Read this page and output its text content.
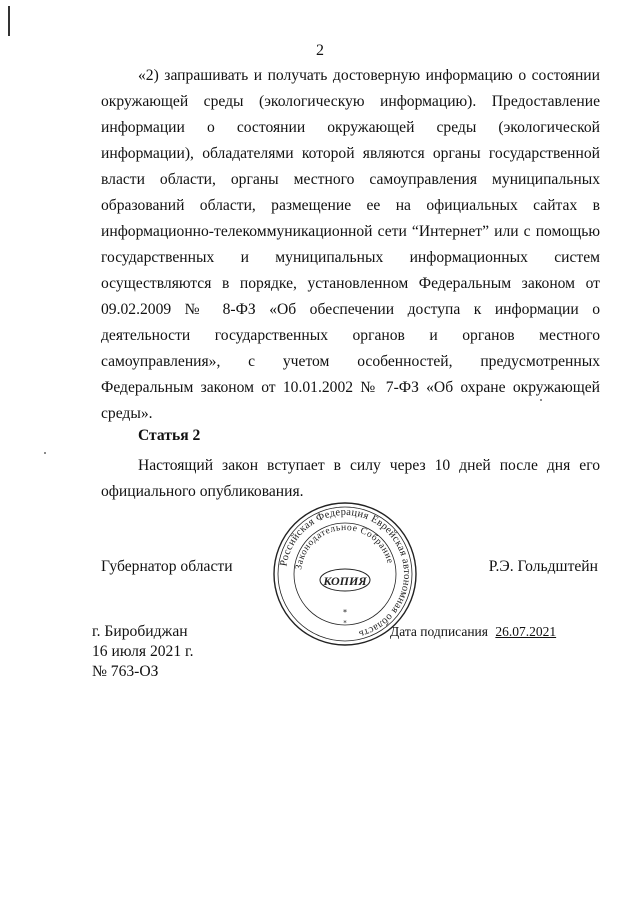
2

«2) запрашивать и получать достоверную информацию о состоянии окружающей среды (экологическую информацию). Предоставление информации о состоянии окружающей среды (экологической информации), обладателями которой являются органы государственной власти области, органы местного самоуправления муниципальных образований области, размещение ее на официальных сайтах в информационно-телекоммуникационной сети “Интернет” или с помощью государственных и муниципальных информационных систем осуществляются в порядке, установленном Федеральным законом от 09.02.2009 № 8-ФЗ «Об обеспечении доступа к информации о деятельности государственных органов и органов местного самоуправления», с учетом особенностей, предусмотренных Федеральным законом от 10.01.2002 № 7-ФЗ «Об охране окружающей среды».

Статья 2

Настоящий закон вступает в силу через 10 дней после дня его официального опубликования.

Губернатор области	Р.Э. Гольдштейн
Российская Федерация Еврейская автономная область
Законодательное Собрание
КОПИЯ
*
*
г. Биробиджан
16 июля 2021 г.
№ 763-ОЗ
Дата подписания 26.07.2021
